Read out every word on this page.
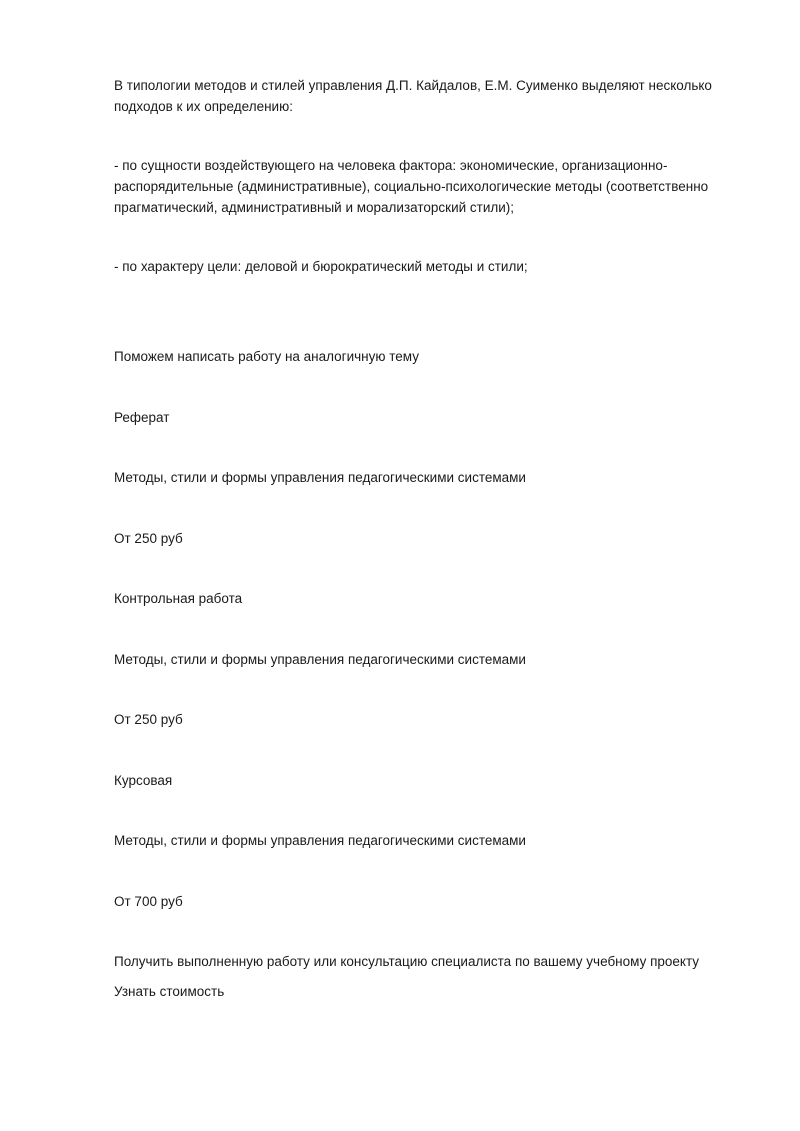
В типологии методов и стилей управления Д.П. Кайдалов, Е.М. Суименко выделяют несколько подходов к их определению:

- по сущности воздействующего на человека фактора: экономические, организационно-распорядительные (административные), социально-психологические методы (соответственно прагматический, административный и морализаторский стили);

- по характеру цели: деловой и бюрократический методы и стили;

Поможем написать работу на аналогичную тему

Реферат

Методы, стили и формы управления педагогическими системами

От 250 руб

Контрольная работа

Методы, стили и формы управления педагогическими системами

От 250 руб

Курсовая

Методы, стили и формы управления педагогическими системами

От 700 руб

Получить выполненную работу или консультацию специалиста по вашему учебному проекту

Узнать стоимость
